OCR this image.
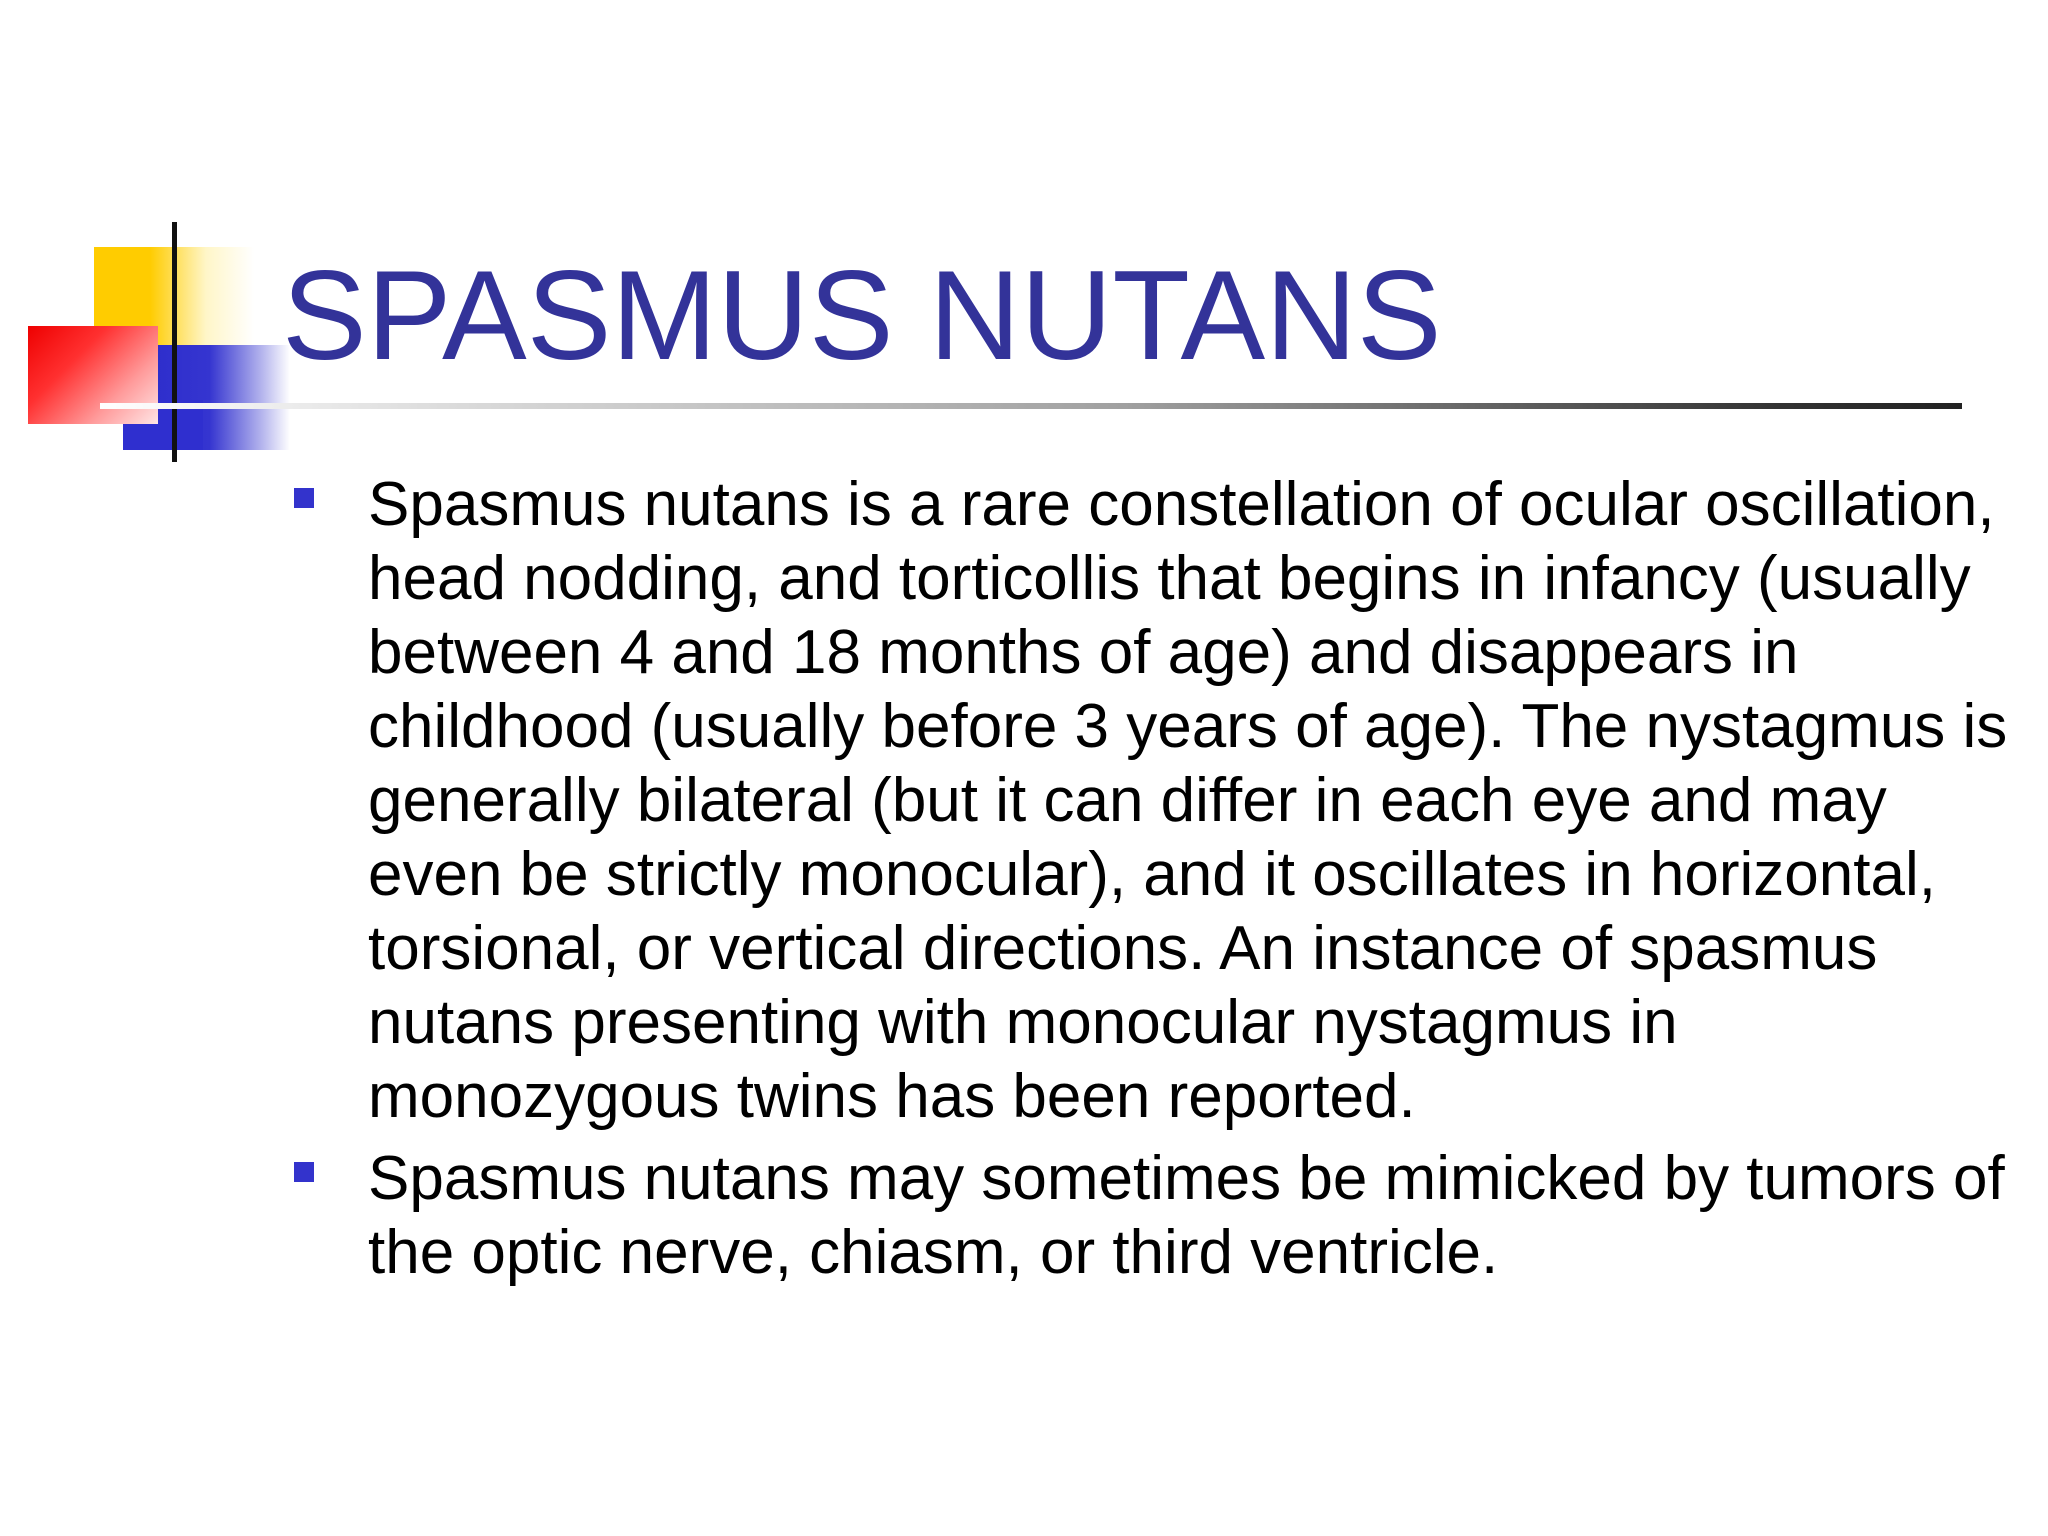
SPASMUS NUTANS
Spasmus nutans is a rare constellation of ocular oscillation, head nodding, and torticollis that begins in infancy (usually between 4 and 18 months of age) and disappears in childhood (usually before 3 years of age). The nystagmus is generally bilateral (but it can differ in each eye and may even be strictly monocular), and it oscillates in horizontal, torsional, or vertical directions. An instance of spasmus nutans presenting with monocular nystagmus in monozygous twins has been reported.
Spasmus nutans may sometimes be mimicked by tumors of the optic nerve, chiasm, or third ventricle.
